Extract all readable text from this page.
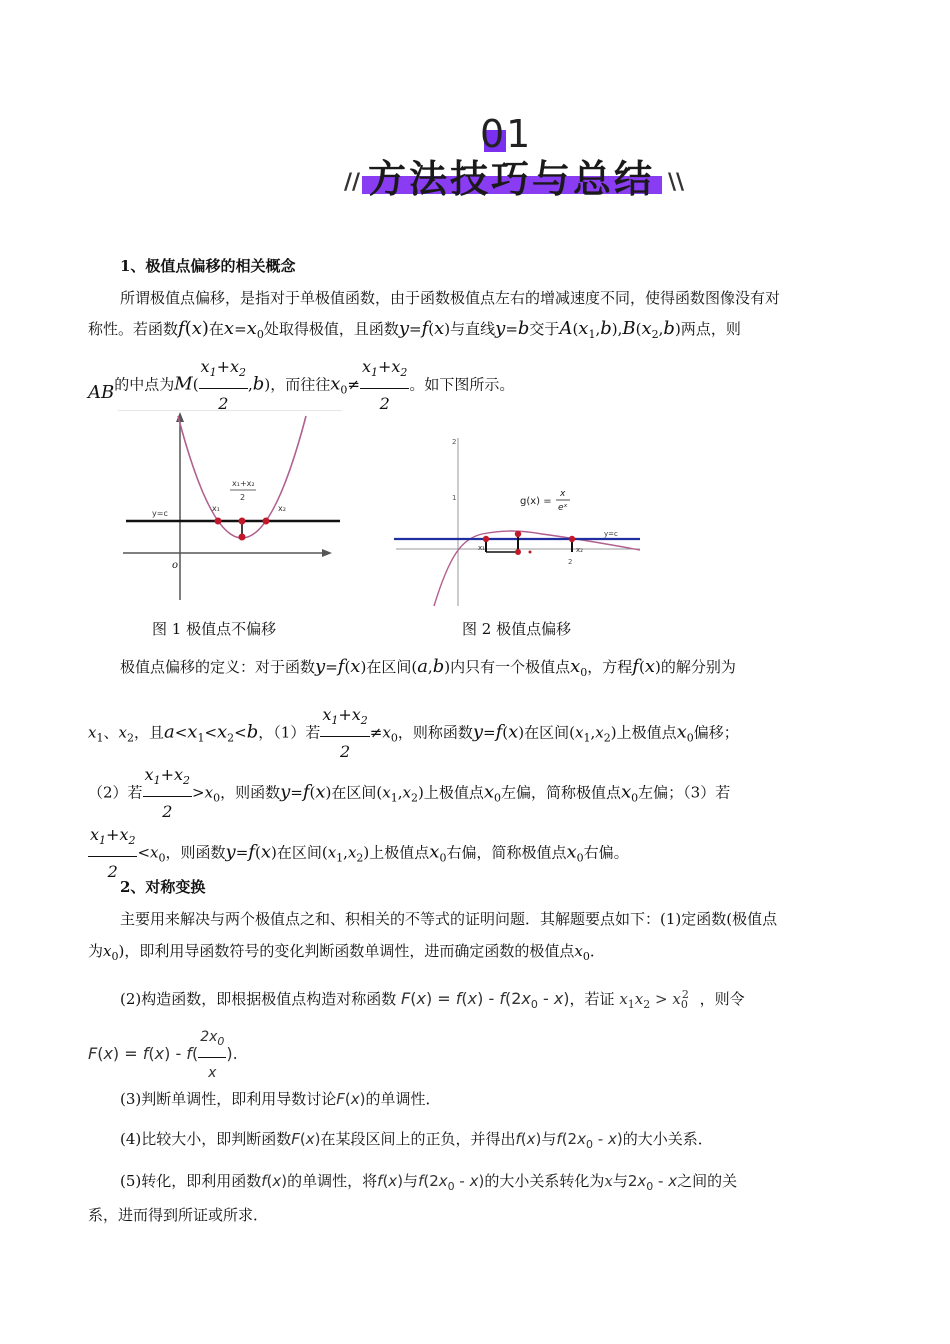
01
方法技巧与总结
//	\\
1、极值点偏移的相关概念
所谓极值点偏移，是指对于单极值函数，由于函数极值点左右的增减速度不同，使得函数图像没有对
称性。若函数f(x)在$x=x_0$处取得极值，且函数y=f(x)与直线y=b交于$A(x_1,b),B(x_2,b)$两点，则
AB的中点为$M( \frac{x_1+x_2}{2} ,b)$，而往往$x_0\ne \frac{x_1+x_2}{2}$ 。如下图所示。
y=c
x₁	x₂
x₁+x₂
2
o
图 1 极值点不偏移
2
1
2
x₁	x₂
y=c
g(x) =
x
eˣ
图 2 极值点偏移
极值点偏移的定义：对于函数y=f(x)在区间(a,b)内只有一个极值点$x_0$，方程f(x)的解分别为
$x_1$、$x_2$，且$a<x_1<x_2<b$，（1）若 $\frac{x_1+x_2}{2} \ne x_0$，则称函数y=f(x)在区间$(x_1,x_2)$上极值点$x_0$偏移；
（2）若 $\frac{x_1+x_2}{2} >x_0$，则函数y=f(x)在区间$(x_1,x_2)$上极值点$x_0$左偏，简称极值点$x_0$左偏；（3）若
$\frac{x_1+x_2}{2} <x_0$，则函数y=f(x)在区间$(x_1,x_2)$上极值点$x_0$右偏，简称极值点$x_0$右偏。
2、对称变换
主要用来解决与两个极值点之和、积相关的不等式的证明问题．其解题要点如下：(1)定函数(极值点
为$x_0$)，即利用导函数符号的变化判断函数单调性，进而确定函数的极值点$x_0$．
(2)构造函数，即根据极值点构造对称函数 $F(x) = f(x) - f(2x_0 - x)$，若证 $x_1x_2 > x_0^2$ ，则令
$F(x) = f(x) - f( \frac{2x_0}{x}$ ).
(3)判断单调性，即利用导数讨论F(x)的单调性．
(4)比较大小，即判断函数F(x)在某段区间上的正负，并得出f(x)与$f(2x_0 - x)$的大小关系．
(5)转化，即利用函数f(x)的单调性，将f(x)与$f(2x_0 - x)$的大小关系转化为x与$2x_0$ - x之间的关
系，进而得到所证或所求．
